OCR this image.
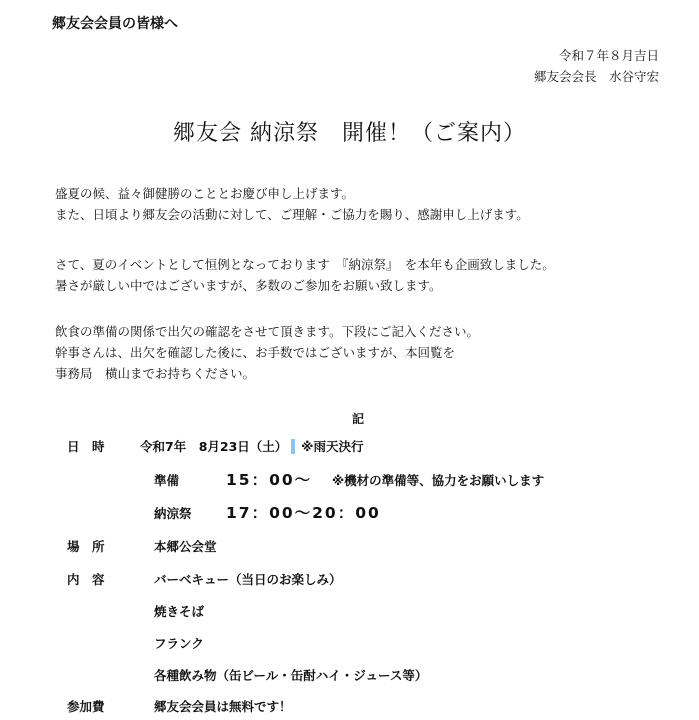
郷友会会員の皆様へ
令和７年８月吉日
郷友会会長　水谷守宏
郷友会 納涼祭　開催！（ご案内）
盛夏の候、益々御健勝のこととお慶び申し上げます。
また、日頃より郷友会の活動に対して、ご理解・ご協力を賜り、感謝申し上げます。
さて、夏のイベントとして恒例となっております　『納涼祭』　を本年も企画致しました。
暑さが厳しい中ではございますが、多数のご参加をお願い致します。
飲食の準備の関係で出欠の確認をさせて頂きます。下段にご記入ください。
幹事さんは、出欠を確認した後に、お手数ではございますが、本回覧を
事務局　横山までお持ちください。
記
日　時	令和7年　8月23日（土） ※雨天決行
準備	15：00～ ※機材の準備等、協力をお願いします
納涼祭 17：00～20：00
場　所	本郷公会堂
内　容	バーベキュー（当日のお楽しみ）
焼きそば
フランク
各種飲み物（缶ビール・缶酎ハイ・ジュース等）
参加費	郷友会会員は無料です！
